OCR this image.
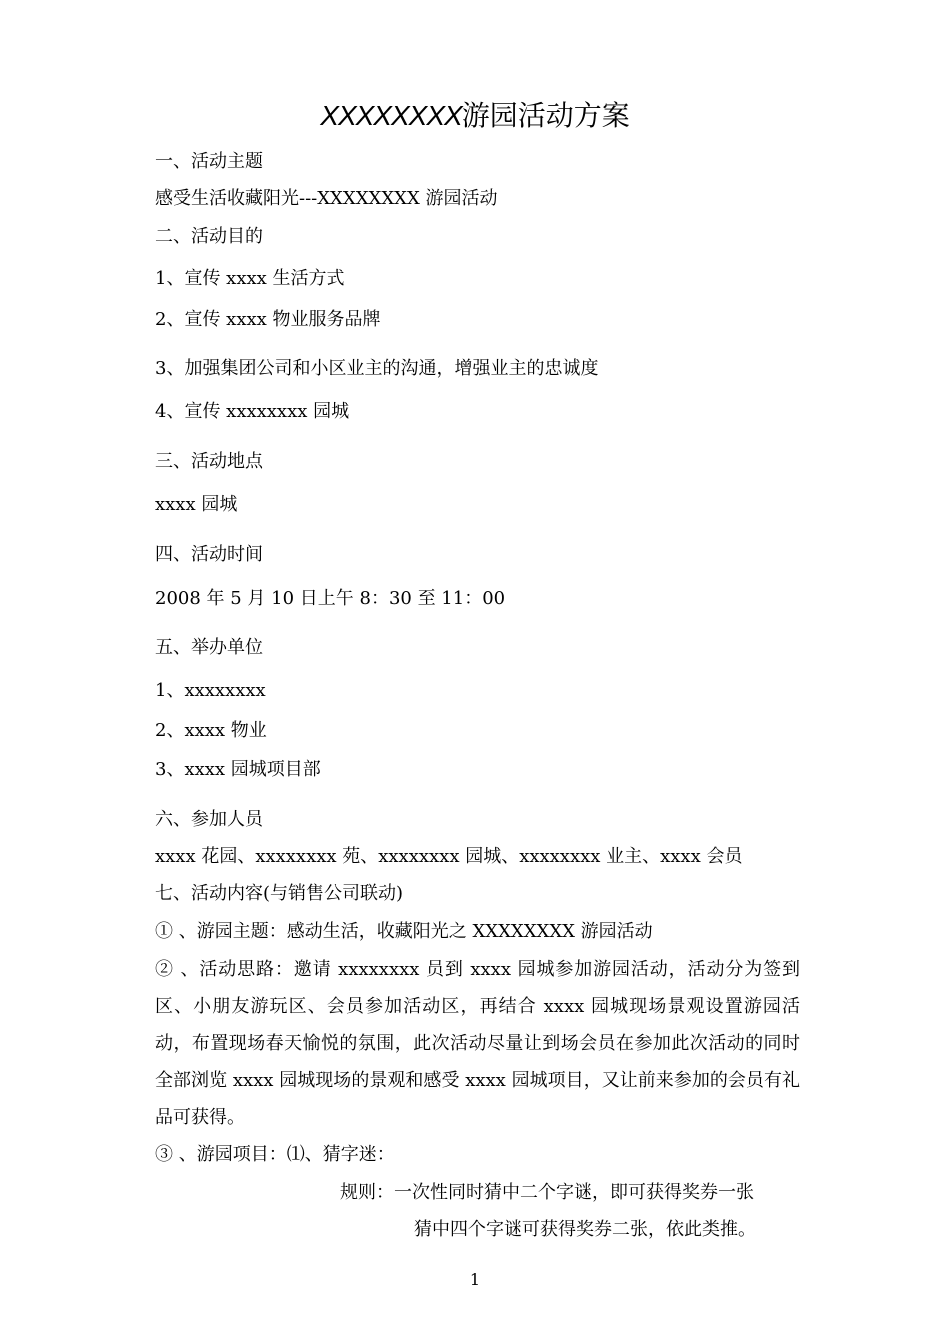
XXXXXXXX游园活动方案
一、活动主题
感受生活收藏阳光---XXXXXXXX 游园活动
二、活动目的
1、宣传 xxxx 生活方式
2、宣传 xxxx 物业服务品牌
3、加强集团公司和小区业主的沟通，增强业主的忠诚度
4、宣传 xxxxxxxx 园城
三、活动地点
xxxx 园城
四、活动时间
2008 年 5 月 10 日上午 8：30 至 11：00
五、举办单位
1、xxxxxxxx
2、xxxx 物业
3、xxxx 园城项目部
六、参加人员
xxxx 花园、xxxxxxxx 苑、xxxxxxxx 园城、xxxxxxxx 业主、xxxx 会员
七、活动内容(与销售公司联动)
① 、游园主题：感动生活，收藏阳光之 XXXXXXXX 游园活动
② 、活动思路：邀请 xxxxxxxx 员到 xxxx 园城参加游园活动，活动分为签到区、小朋友游玩区、会员参加活动区，再结合 xxxx 园城现场景观设置游园活动，布置现场春天愉悦的氛围，此次活动尽量让到场会员在参加此次活动的同时全部浏览 xxxx 园城现场的景观和感受 xxxx 园城项目，又让前来参加的会员有礼品可获得。
③ 、游园项目：⑴、猜字迷：
规则：一次性同时猜中二个字谜，即可获得奖券一张
猜中四个字谜可获得奖券二张，依此类推。
1
